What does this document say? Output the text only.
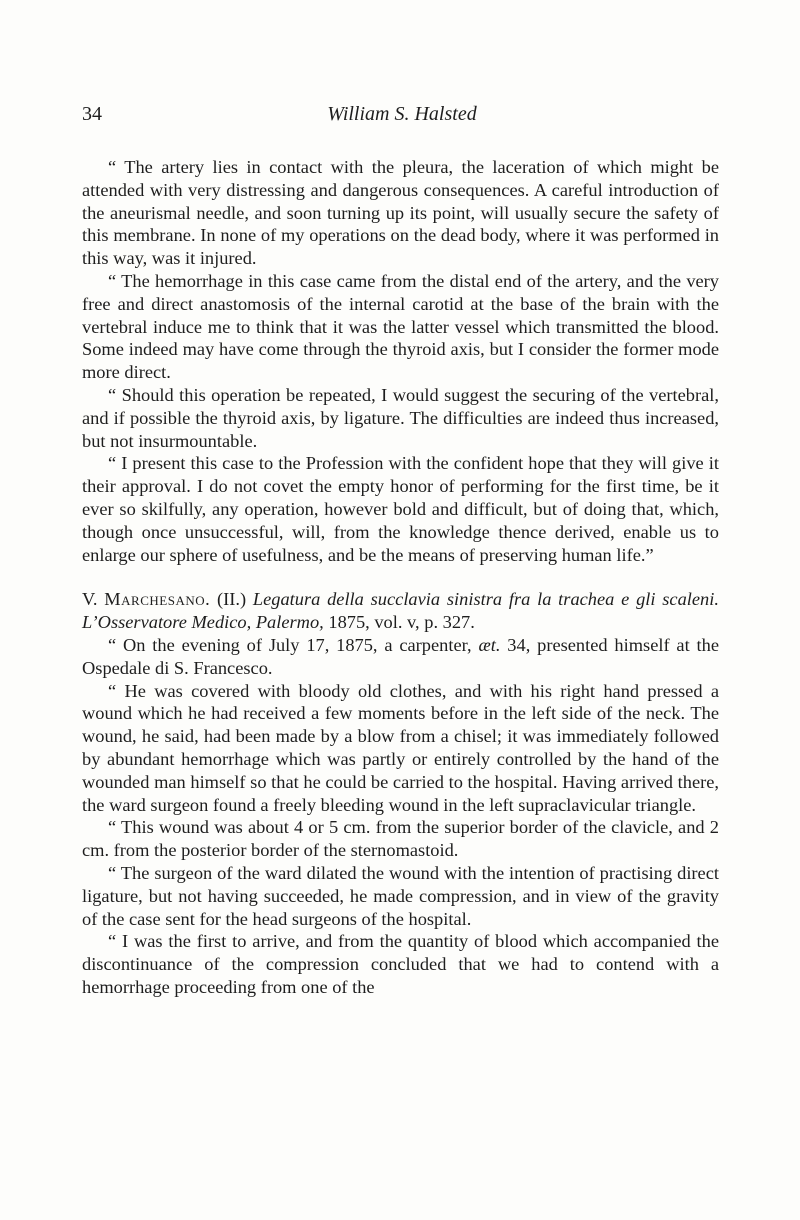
34	William S. Halsted

“ The artery lies in contact with the pleura, the laceration of which might be attended with very distressing and dangerous consequences. A careful introduction of the aneurismal needle, and soon turning up its point, will usually secure the safety of this membrane. In none of my operations on the dead body, where it was performed in this way, was it injured.

“ The hemorrhage in this case came from the distal end of the artery, and the very free and direct anastomosis of the internal carotid at the base of the brain with the vertebral induce me to think that it was the latter vessel which transmitted the blood. Some indeed may have come through the thyroid axis, but I consider the former mode more direct.

“ Should this operation be repeated, I would suggest the securing of the vertebral, and if possible the thyroid axis, by ligature. The difficulties are indeed thus increased, but not insurmountable.

“ I present this case to the Profession with the confident hope that they will give it their approval. I do not covet the empty honor of performing for the first time, be it ever so skilfully, any operation, however bold and difficult, but of doing that, which, though once unsuccessful, will, from the knowledge thence derived, enable us to enlarge our sphere of usefulness, and be the means of preserving human life.”

V. Marchesano. (II.) Legatura della succlavia sinistra fra la trachea e gli scaleni. L’Osservatore Medico, Palermo, 1875, vol. v, p. 327.

“ On the evening of July 17, 1875, a carpenter, æt. 34, presented himself at the Ospedale di S. Francesco.

“ He was covered with bloody old clothes, and with his right hand pressed a wound which he had received a few moments before in the left side of the neck. The wound, he said, had been made by a blow from a chisel; it was immediately followed by abundant hemorrhage which was partly or entirely controlled by the hand of the wounded man himself so that he could be carried to the hospital. Having arrived there, the ward surgeon found a freely bleeding wound in the left supraclavicular triangle.

“ This wound was about 4 or 5 cm. from the superior border of the clavicle, and 2 cm. from the posterior border of the sternomastoid.

“ The surgeon of the ward dilated the wound with the intention of practising direct ligature, but not having succeeded, he made compression, and in view of the gravity of the case sent for the head surgeons of the hospital.

“ I was the first to arrive, and from the quantity of blood which accompanied the discontinuance of the compression concluded that we had to contend with a hemorrhage proceeding from one of the
